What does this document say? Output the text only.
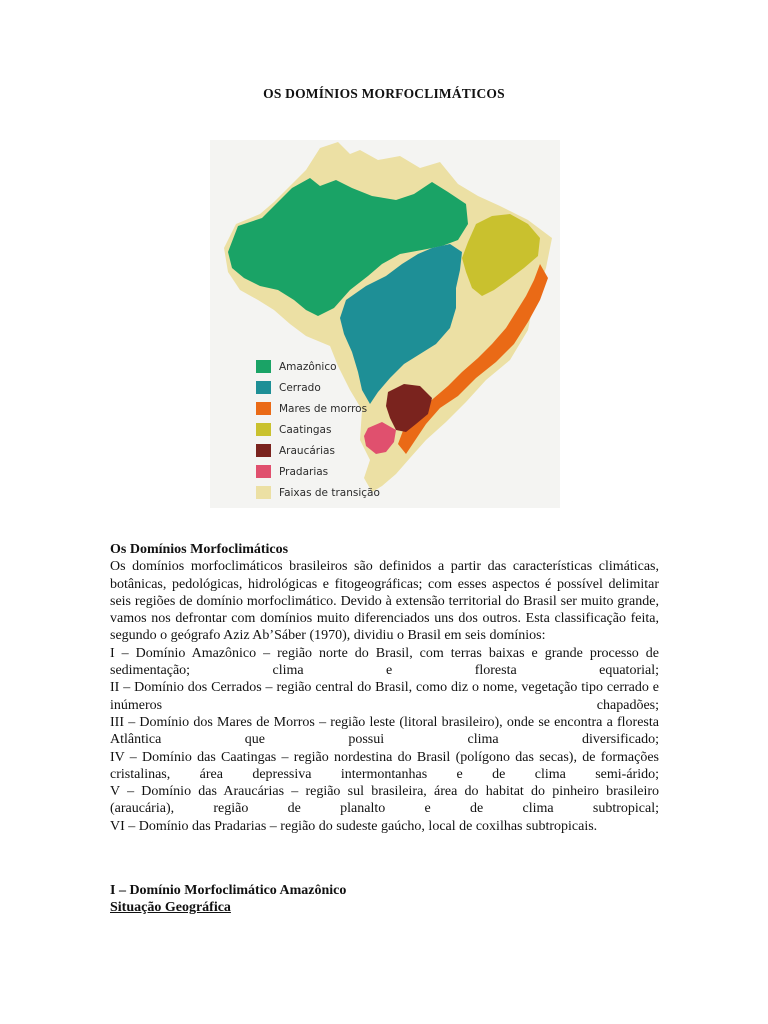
OS DOMÍNIOS MORFOCLIMÁTICOS
Amazônico
Cerrado
Mares de morros
Caatingas
Araucárias
Pradarias
Faixas de transição
Os Domínios Morfoclimáticos
Os domínios morfoclimáticos brasileiros são definidos a partir das características climáticas, botânicas, pedológicas, hidrológicas e fitogeográficas; com esses aspectos é possível delimitar seis regiões de domínio morfoclimático. Devido à extensão territorial do Brasil ser muito grande, vamos nos defrontar com domínios muito diferenciados uns dos outros. Esta classificação feita, segundo o geógrafo Aziz Ab’Sáber (1970), dividiu o Brasil em seis domínios:
I – Domínio Amazônico – região norte do Brasil, com terras baixas e grande processo de sedimentação; clima e floresta equatorial;
II – Domínio dos Cerrados – região central do Brasil, como diz o nome, vegetação tipo cerrado e inúmeros chapadões;
III – Domínio dos Mares de Morros – região leste (litoral brasileiro), onde se encontra a floresta Atlântica que possui clima diversificado;
IV – Domínio das Caatingas – região nordestina do Brasil (polígono das secas), de formações cristalinas, área depressiva intermontanhas e de clima semi-árido;
V – Domínio das Araucárias – região sul brasileira, área do habitat do pinheiro brasileiro (araucária), região de planalto e de clima subtropical;
VI – Domínio das Pradarias – região do sudeste gaúcho, local de coxilhas subtropicais.
I – Domínio Morfoclimático Amazônico
Situação Geográfica
